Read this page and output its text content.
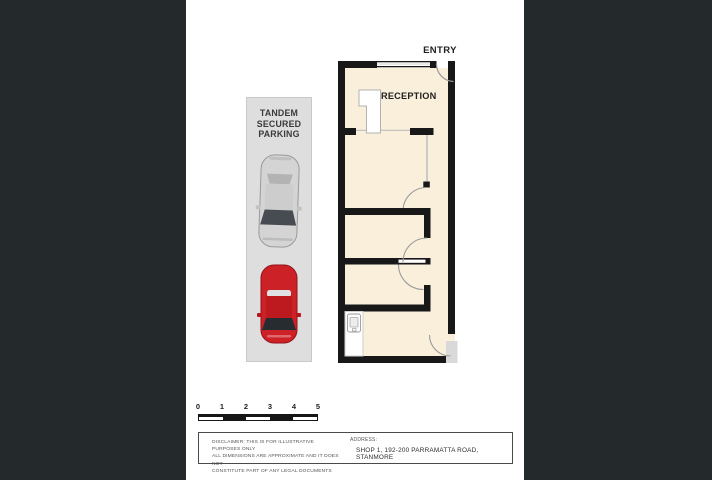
TANDEM
SECURED
PARKING
ENTRY
RECEPTION
0	1	2	3	4	5
DISCLAIMER: THIS IS FOR ILLUSTRATIVE PURPOSES ONLY
ALL DIMENSIONS ARE APPROXIMATE AND IT DOES NOT
CONSTITUTE PART OF ANY LEGAL DOCUMENTS
ADDRESS:
SHOP 1, 192-200 PARRAMATTA ROAD, STANMORE
